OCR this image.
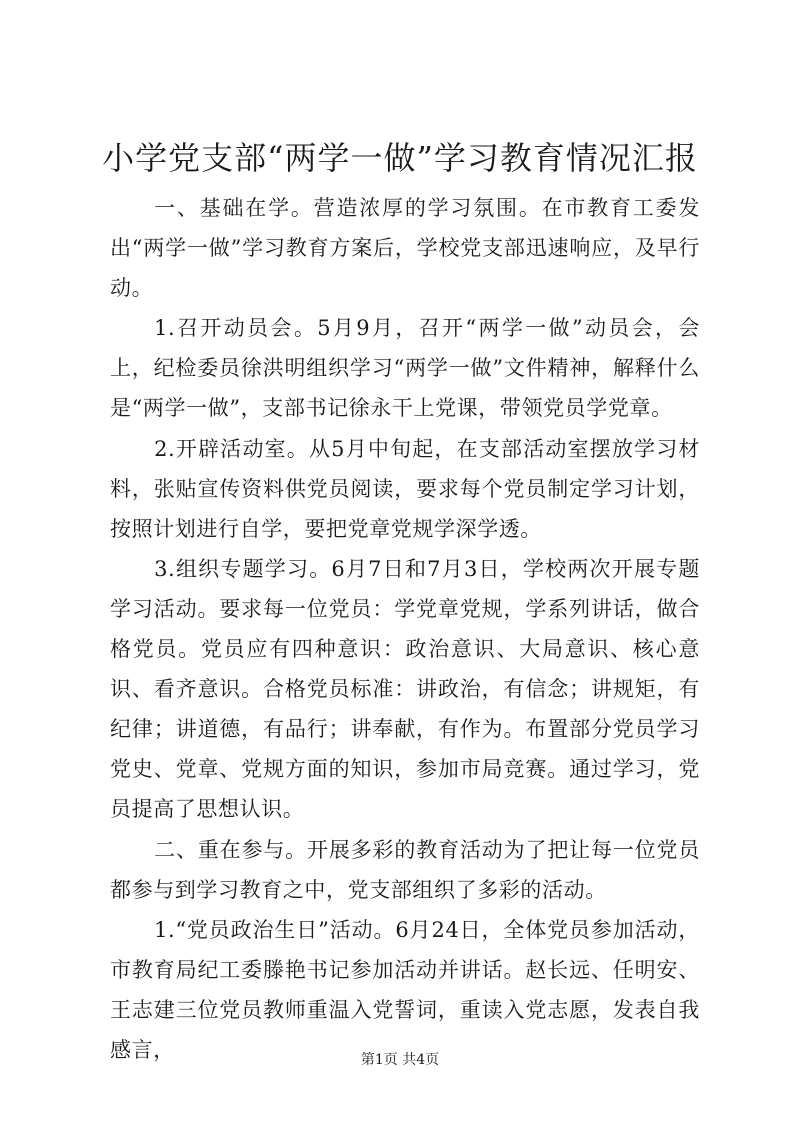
小学党支部“两学一做”学习教育情况汇报

一、基础在学。营造浓厚的学习氛围。在市教育工委发出“两学一做”学习教育方案后，学校党支部迅速响应，及早行动。

1.召开动员会。5月9月，召开“两学一做”动员会，会上，纪检委员徐洪明组织学习“两学一做”文件精神，解释什么是“两学一做”，支部书记徐永干上党课，带领党员学党章。

2.开辟活动室。从5月中旬起，在支部活动室摆放学习材料，张贴宣传资料供党员阅读，要求每个党员制定学习计划，按照计划进行自学，要把党章党规学深学透。

3.组织专题学习。6月7日和7月3日，学校两次开展专题学习活动。要求每一位党员：学党章党规，学系列讲话，做合格党员。党员应有四种意识：政治意识、大局意识、核心意识、看齐意识。合格党员标准：讲政治，有信念；讲规矩，有纪律；讲道德，有品行；讲奉献，有作为。布置部分党员学习党史、党章、党规方面的知识，参加市局竞赛。通过学习，党员提高了思想认识。

二、重在参与。开展多彩的教育活动为了把让每一位党员都参与到学习教育之中，党支部组织了多彩的活动。

1.“党员政治生日”活动。6月24日，全体党员参加活动，市教育局纪工委滕艳书记参加活动并讲话。赵长远、任明安、王志建三位党员教师重温入党誓词，重读入党志愿，发表自我感言，	第1页 共4页
